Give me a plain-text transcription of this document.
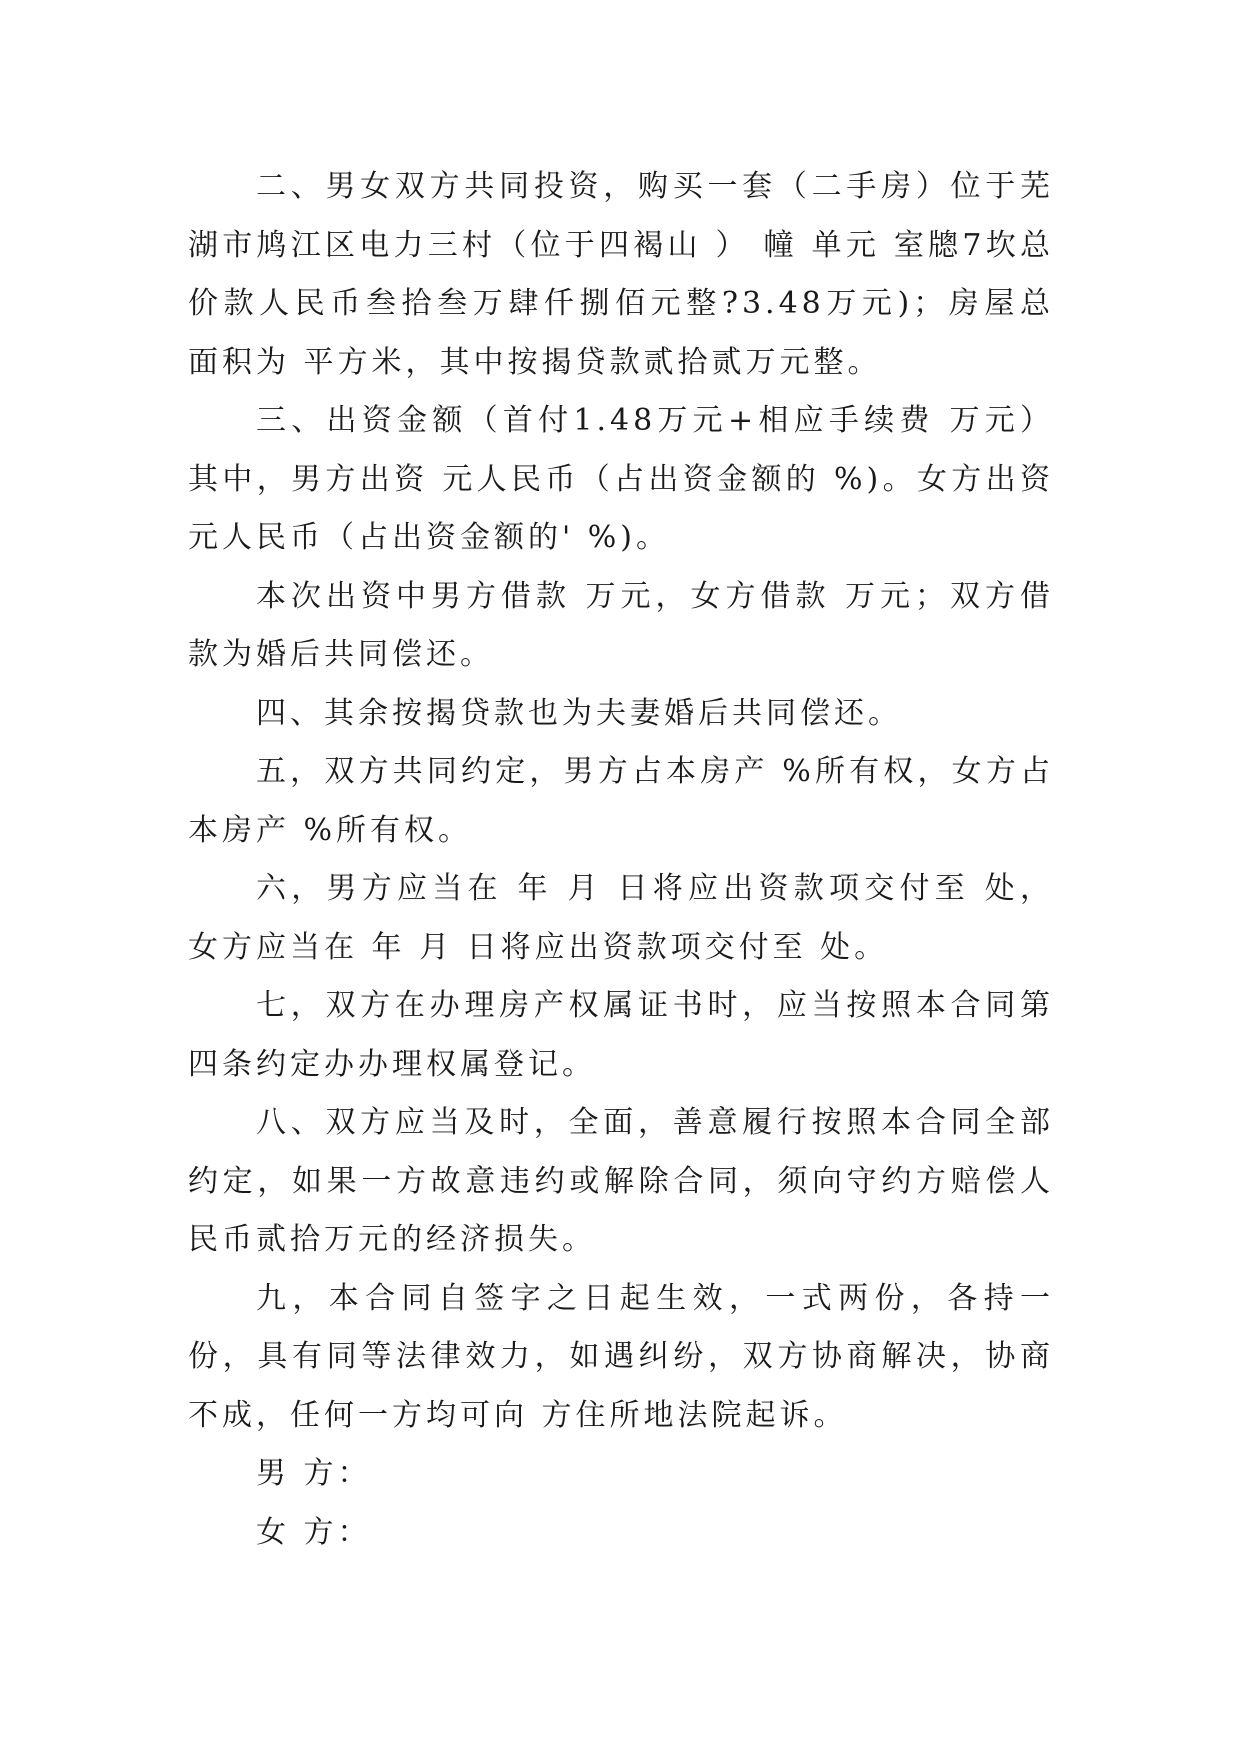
二、男女双方共同投资，购买一套（二手房）位于芜湖市鸠江区电力三村（位于四褐山 ） 幢 单元 室牕7坎总价款人民币叁拾叁万肆仟捌佰元整?3.48万元)；房屋总面积为 平方米，其中按揭贷款贰拾贰万元整。

三、出资金额（首付1.48万元+相应手续费 万元）其中，男方出资 元人民币（占出资金额的 %)。女方出资 元人民币（占出资金额的' %)。

本次出资中男方借款 万元，女方借款 万元；双方借款为婚后共同偿还。

四、其余按揭贷款也为夫妻婚后共同偿还。

五，双方共同约定，男方占本房产 %所有权，女方占本房产 %所有权。

六，男方应当在 年 月 日将应出资款项交付至 处，女方应当在 年 月 日将应出资款项交付至 处。

七，双方在办理房产权属证书时，应当按照本合同第四条约定办办理权属登记。

八、双方应当及时，全面，善意履行按照本合同全部约定，如果一方故意违约或解除合同，须向守约方赔偿人民币贰拾万元的经济损失。

九，本合同自签字之日起生效，一式两份，各持一份，具有同等法律效力，如遇纠纷，双方协商解决，协商不成，任何一方均可向 方住所地法院起诉。

男 方：

女 方：
